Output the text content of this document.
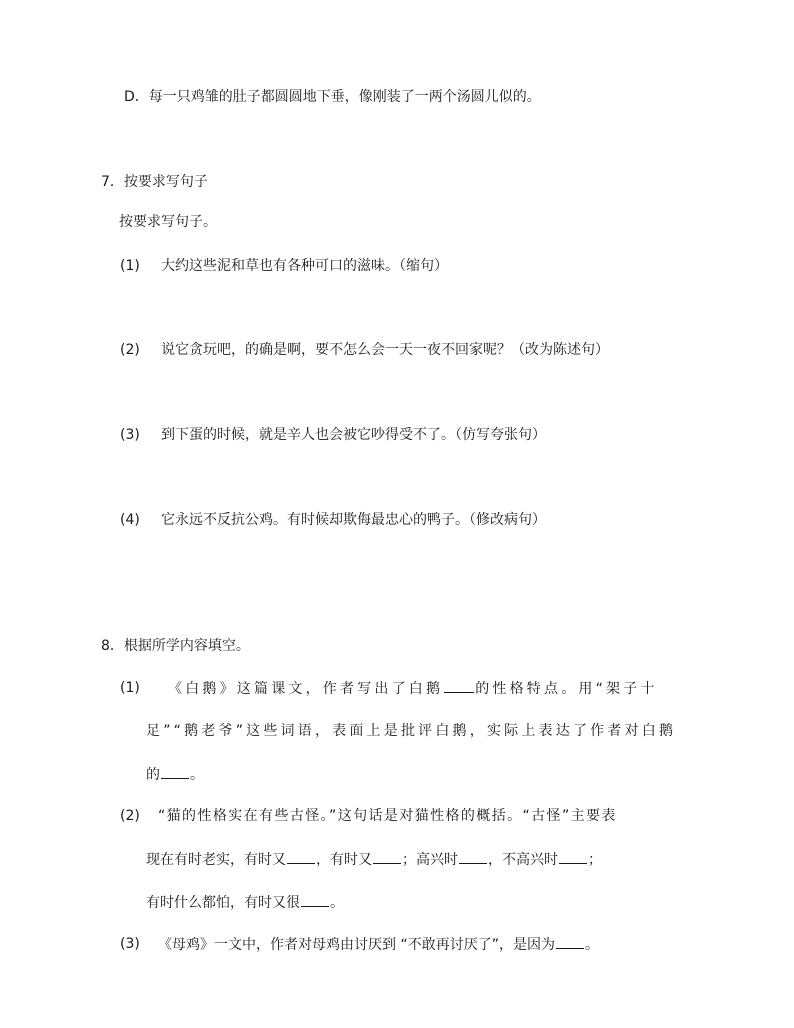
D．每一只鸡雏的肚子都圆圆地下垂，像刚装了一两个汤圆儿似的。
7．按要求写句子
按要求写句子。
(1) 大约这些泥和草也有各种可口的滋味。（缩句）
(2) 说它贪玩吧，的确是啊，要不怎么会一天一夜不回家呢？（改为陈述句）
(3) 到下蛋的时候，就是辛人也会被它吵得受不了。（仿写夸张句）
(4) 它永远不反抗公鸡。有时候却欺侮最忠心的鸭子。（修改病句）
8．根据所学内容填空。
(1) 《白鹅》这篇课文，作者写出了白鹅 的性格特点。用“架子十
足”“鹅老爷”这些词语，表面上是批评白鹅，实际上表达了作者对白鹅
的 。
(2) “猫的性格实在有些古怪。”这句话是对猫性格的概括。“古怪”主要表
现在有时老实，有时又 ，有时又 ；高兴时 ，不高兴时 ；
有时什么都怕，有时又很 。
(3) 《母鸡》一文中，作者对母鸡由讨厌到 “不敢再讨厌了”，是因为 。
